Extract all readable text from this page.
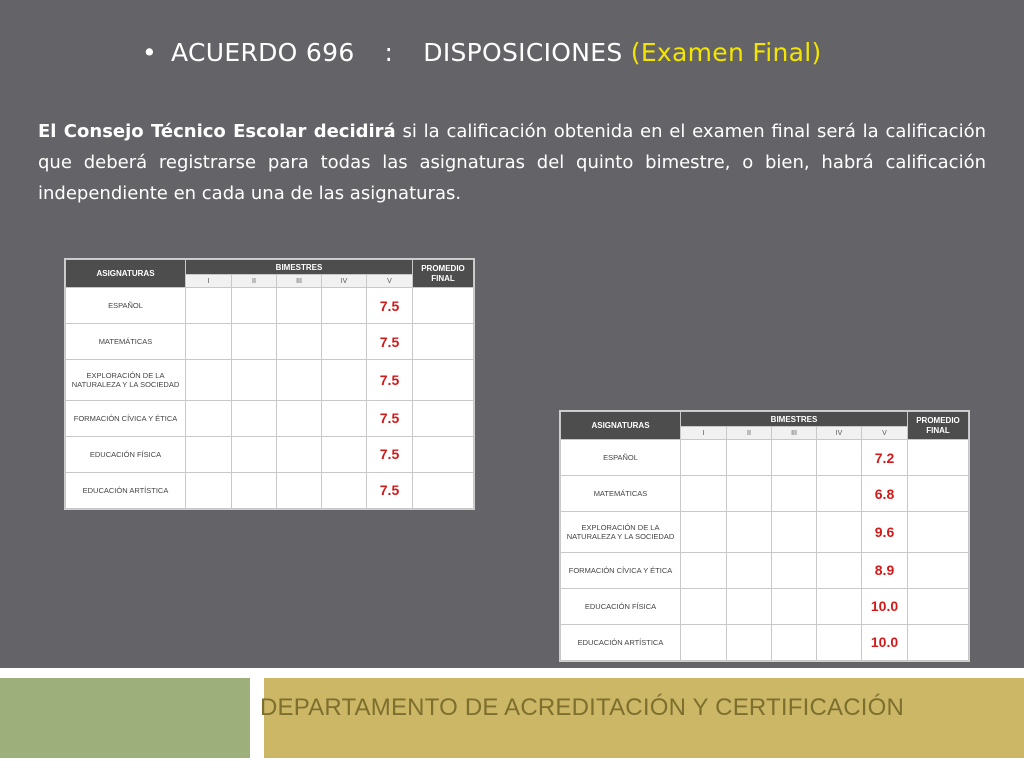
• ACUERDO 696 : DISPOSICIONES (Examen Final)
El Consejo Técnico Escolar decidirá si la calificación obtenida en el examen final será la calificación que deberá registrarse para todas las asignaturas del quinto bimestre, o bien, habrá calificación independiente en cada una de las asignaturas.
ASIGNATURAS	BIMESTRES					PROMEDIO
FINAL
	I	II	III	IV	V	
ESPAÑOL					7.5	
MATEMÁTICAS					7.5	
EXPLORACIÓN DE LA NATURALEZA Y LA SOCIEDAD					7.5	
FORMACIÓN CÍVICA Y ÉTICA					7.5	
EDUCACIÓN FÍSICA					7.5	
EDUCACIÓN ARTÍSTICA					7.5	
ASIGNATURAS	BIMESTRES					PROMEDIO
FINAL
	I	II	III	IV	V	
ESPAÑOL					7.2	
MATEMÁTICAS					6.8	
EXPLORACIÓN DE LA NATURALEZA Y LA SOCIEDAD					9.6	
FORMACIÓN CÍVICA Y ÉTICA					8.9	
EDUCACIÓN FÍSICA					10.0	
EDUCACIÓN ARTÍSTICA					10.0	
DEPARTAMENTO DE ACREDITACIÓN Y CERTIFICACIÓN
